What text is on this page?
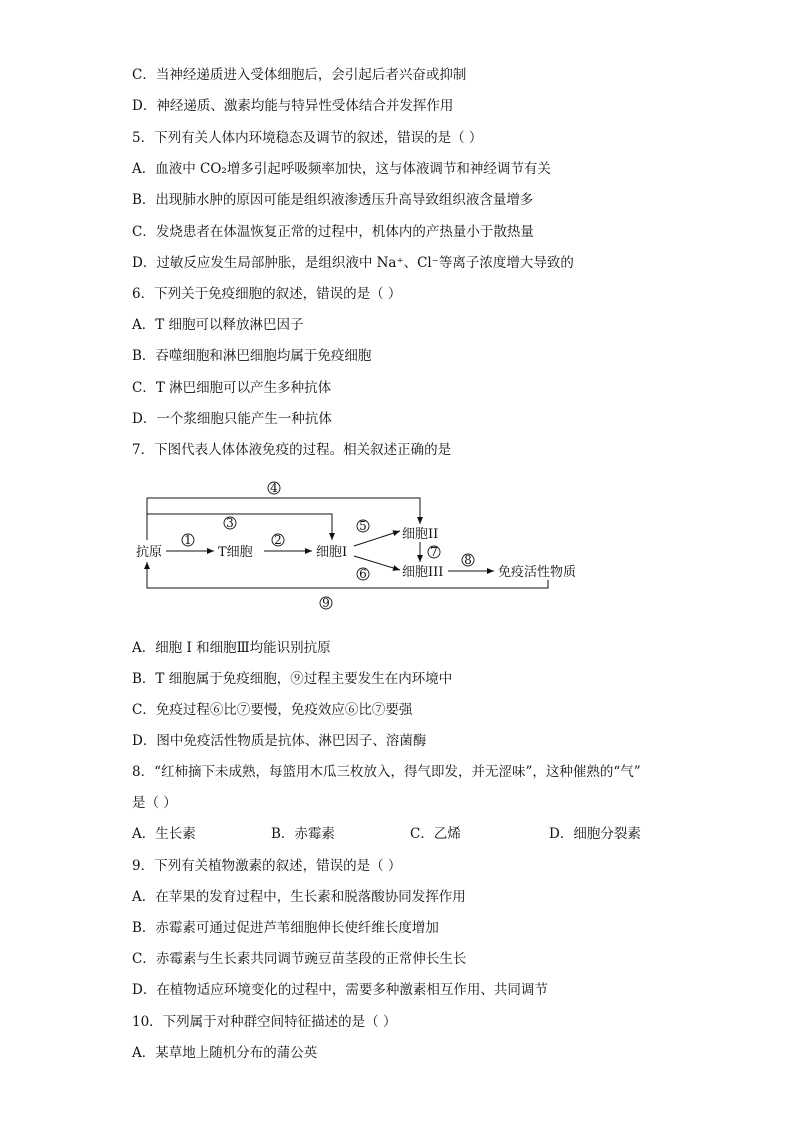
C．当神经递质进入受体细胞后，会引起后者兴奋或抑制
D．神经递质、激素均能与特异性受体结合并发挥作用
5．下列有关人体内环境稳态及调节的叙述，错误的是（ ）
A．血液中 CO₂增多引起呼吸频率加快，这与体液调节和神经调节有关
B．出现肺水肿的原因可能是组织液渗透压升高导致组织液含量增多
C．发烧患者在体温恢复正常的过程中，机体内的产热量小于散热量
D．过敏反应发生局部肿胀，是组织液中 Na⁺、Cl⁻等离子浓度增大导致的
6．下列关于免疫细胞的叙述，错误的是（ ）
A．T 细胞可以释放淋巴因子
B．吞噬细胞和淋巴细胞均属于免疫细胞
C．T 淋巴细胞可以产生多种抗体
D．一个浆细胞只能产生一种抗体
7．下图代表人体体液免疫的过程。相关叙述正确的是
抗原	T细胞	细胞I
细胞II
细胞III	免疫活性物质
4
3
1	2
5
7
8
6
9
A．细胞 I 和细胞Ⅲ均能识别抗原
B．T 细胞属于免疫细胞，⑨过程主要发生在内环境中
C．免疫过程⑥比⑦要慢，免疫效应⑥比⑦要强
D．图中免疫活性物质是抗体、淋巴因子、溶菌酶
8．“红柿摘下未成熟，每篮用木瓜三枚放入，得气即发，并无涩味”，这种催熟的“气”
是（ ）
A．生长素	B．赤霉素	C．乙烯	D．细胞分裂素
9．下列有关植物激素的叙述，错误的是（ ）
A．在苹果的发育过程中，生长素和脱落酸协同发挥作用
B．赤霉素可通过促进芦苇细胞伸长使纤维长度增加
C．赤霉素与生长素共同调节豌豆苗茎段的正常伸长生长
D．在植物适应环境变化的过程中，需要多种激素相互作用、共同调节
10．下列属于对种群空间特征描述的是（ ）
A．某草地上随机分布的蒲公英
